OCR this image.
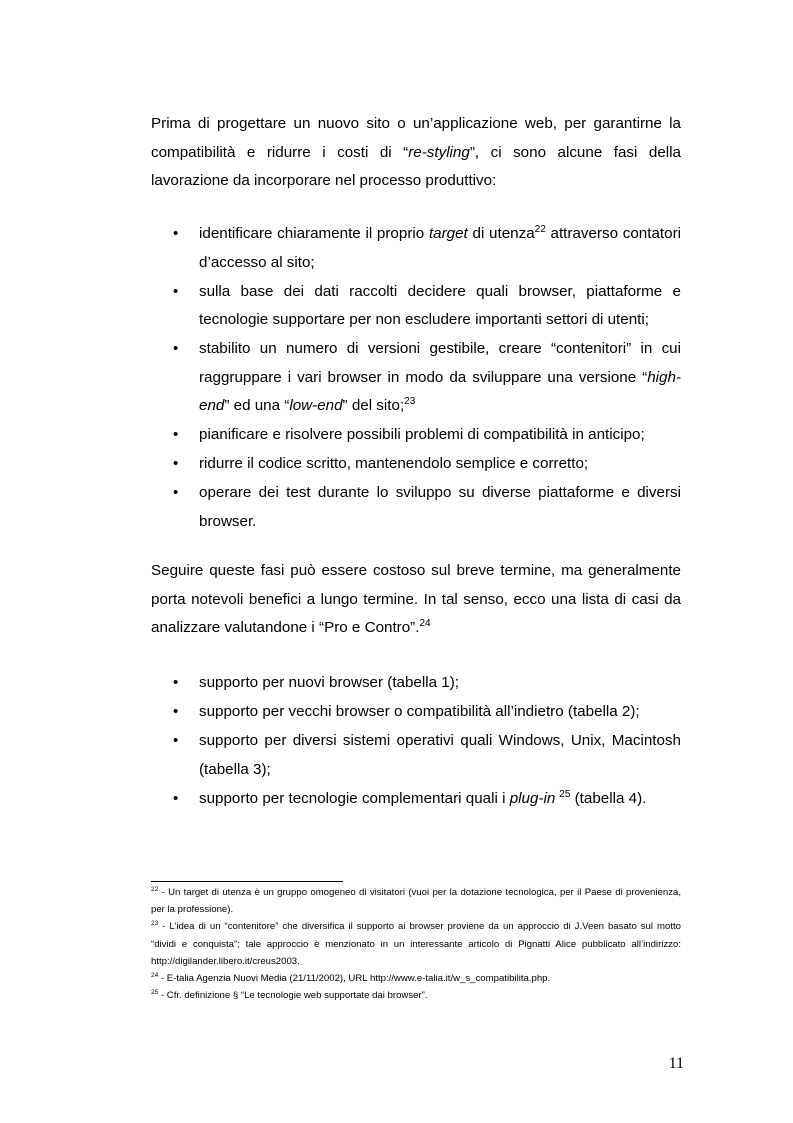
Prima di progettare un nuovo sito o un’applicazione web, per garantirne la compatibilità e ridurre i costi di “re-styling”, ci sono alcune fasi della lavorazione da incorporare nel processo produttivo:

• identificare chiaramente il proprio target di utenza$^{22}$ attraverso contatori d’accesso al sito;
• sulla base dei dati raccolti decidere quali browser, piattaforme e tecnologie supportare per non escludere importanti settori di utenti;
• stabilito un numero di versioni gestibile, creare “contenitori” in cui raggruppare i vari browser in modo da sviluppare una versione “high-end” ed una “low-end” del sito;$^{23}$
• pianificare e risolvere possibili problemi di compatibilità in anticipo;
• ridurre il codice scritto, mantenendolo semplice e corretto;
• operare dei test durante lo sviluppo su diverse piattaforme e diversi browser.

Seguire queste fasi può essere costoso sul breve termine, ma generalmente porta notevoli benefici a lungo termine. In tal senso, ecco una lista di casi da analizzare valutandone i “Pro e Contro”.$^{24}$

• supporto per nuovi browser (tabella 1);
• supporto per vecchi browser o compatibilità all’indietro (tabella 2);
• supporto per diversi sistemi operativi quali Windows, Unix, Macintosh (tabella 3);
• supporto per tecnologie complementari quali i plug-in $^{25}$ (tabella 4).

$^{22}$ - Un target di utenza è un gruppo omogeneo di visitatori (vuoi per la dotazione tecnologica, per il Paese di provenienza, per la professione).

$^{23}$ - L’idea di un “contenitore” che diversifica il supporto ai browser proviene da un approccio di J.Veen basato sul motto “dividi e conquista”; tale approccio è menzionato in un interessante articolo di Pignatti Alice pubblicato all’indirizzo: http://digilander.libero.it/creus2003.

$^{24}$ - E-talia Agenzia Nuovi Media (21/11/2002), URL http://www.e-talia.it/w_s_compatibilita.php.

$^{25}$ - Cfr. definizione § “Le tecnologie web supportate dai browser”.

11
